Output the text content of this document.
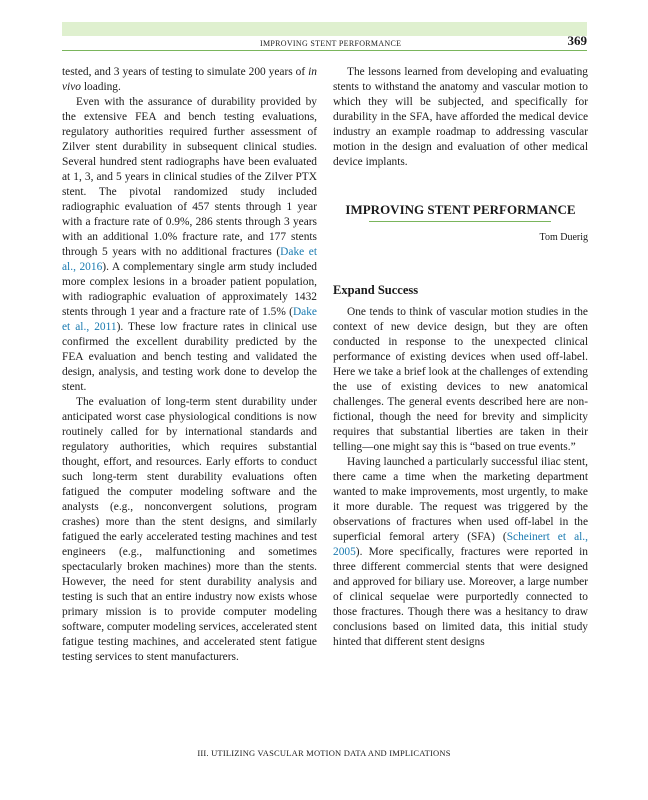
IMPROVING STENT PERFORMANCE	369

tested, and 3 years of testing to simulate 200 years of in vivo loading.

Even with the assurance of durability provided by the extensive FEA and bench testing evaluations, regulatory authorities required further assessment of Zilver stent durability in subsequent clinical studies. Several hundred stent radiographs have been evaluated at 1, 3, and 5 years in clinical studies of the Zilver PTX stent. The pivotal randomized study included radiographic evaluation of 457 stents through 1 year with a fracture rate of 0.9%, 286 stents through 3 years with an additional 1.0% fracture rate, and 177 stents through 5 years with no additional fractures (Dake et al., 2016). A complementary single arm study included more complex lesions in a broader patient population, with radiographic evaluation of approximately 1432 stents through 1 year and a fracture rate of 1.5% (Dake et al., 2011). These low fracture rates in clinical use confirmed the excellent durability predicted by the FEA evaluation and bench testing and validated the design, analysis, and testing work done to develop the stent.

The evaluation of long-term stent durability under anticipated worst case physiological conditions is now routinely called for by international standards and regulatory authorities, which requires substantial thought, effort, and resources. Early efforts to conduct such long-term stent durability evaluations often fatigued the computer modeling software and the analysts (e.g., nonconvergent solutions, program crashes) more than the stent designs, and similarly fatigued the early accelerated testing machines and test engineers (e.g., malfunctioning and sometimes spectacularly broken machines) more than the stents. However, the need for stent durability analysis and testing is such that an entire industry now exists whose primary mission is to provide computer modeling software, computer modeling services, accelerated stent fatigue testing machines, and accelerated stent fatigue testing services to stent manufacturers.

The lessons learned from developing and evaluating stents to withstand the anatomy and vascular motion to which they will be subjected, and specifically for durability in the SFA, have afforded the medical device industry an example roadmap to addressing vascular motion in the design and evaluation of other medical device implants.

IMPROVING STENT PERFORMANCE
Tom Duerig
Expand Success

One tends to think of vascular motion studies in the context of new device design, but they are often conducted in response to the unexpected clinical performance of existing devices when used off-label. Here we take a brief look at the challenges of extending the use of existing devices to new anatomical challenges. The general events described here are non-fictional, though the need for brevity and simplicity requires that substantial liberties are taken in their telling—one might say this is “based on true events.”

Having launched a particularly successful iliac stent, there came a time when the marketing department wanted to make improvements, most urgently, to make it more durable. The request was triggered by the observations of fractures when used off-label in the superficial femoral artery (SFA) (Scheinert et al., 2005). More specifically, fractures were reported in three different commercial stents that were designed and approved for biliary use. Moreover, a large number of clinical sequelae were purportedly connected to those fractures. Though there was a hesitancy to draw conclusions based on limited data, this initial study hinted that different stent designs

III. UTILIZING VASCULAR MOTION DATA AND IMPLICATIONS
